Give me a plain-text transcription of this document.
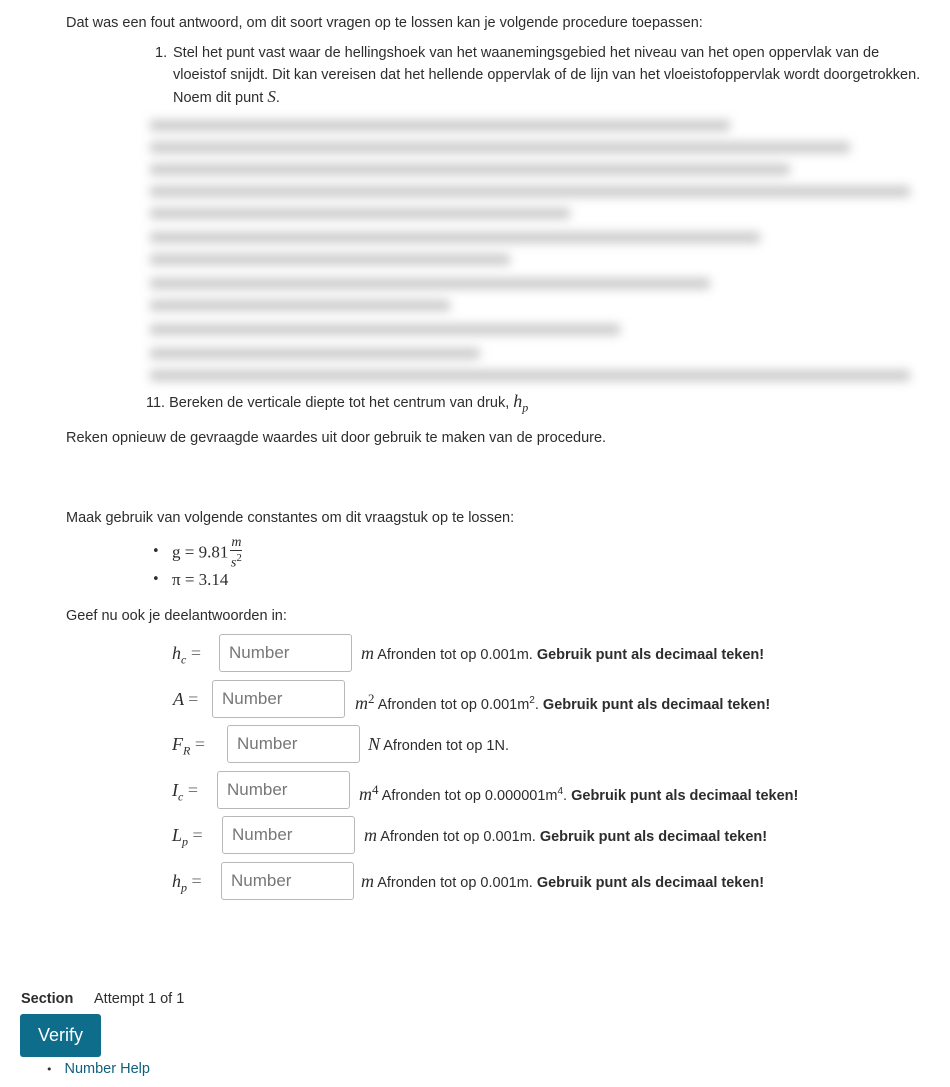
Dat was een fout antwoord, om dit soort vragen op te lossen kan je volgende procedure toepassen:
1. Stel het punt vast waar de hellingshoek van het waanemingsgebied het niveau van het open oppervlak van de vloeistof snijdt. Dit kan vereisen dat het hellende oppervlak of de lijn van het vloeistofoppervlak wordt doorgetrokken. Noem dit punt S.
11. Bereken de verticale diepte tot het centrum van druk, $h_p$
Reken opnieuw de gevraagde waardes uit door gebruik te maken van de procedure.
Maak gebruik van volgende constantes om dit vraagstuk op te lossen:
• $g = 9.81 \frac{m}{s^2}$
• π = 3.14
Geef nu ook je deelantwoorden in:
$h_c$ =
Number	m Afronden tot op 0.001m. Gebruik punt als decimaal teken!
A =
Number	$m^2$ Afronden tot op $0.001m^2$. Gebruik punt als decimaal teken!
$F_R$ =
Number	N Afronden tot op 1N.
$I_c$ =
Number	$m^4$ Afronden tot op $0.000001m^4$. Gebruik punt als decimaal teken!
$L_p$ =
Number	m Afronden tot op 0.001m. Gebruik punt als decimaal teken!
$h_p$ =
Number	m Afronden tot op 0.001m. Gebruik punt als decimaal teken!
Section Attempt 1 of 1
Verify
• Number Help
